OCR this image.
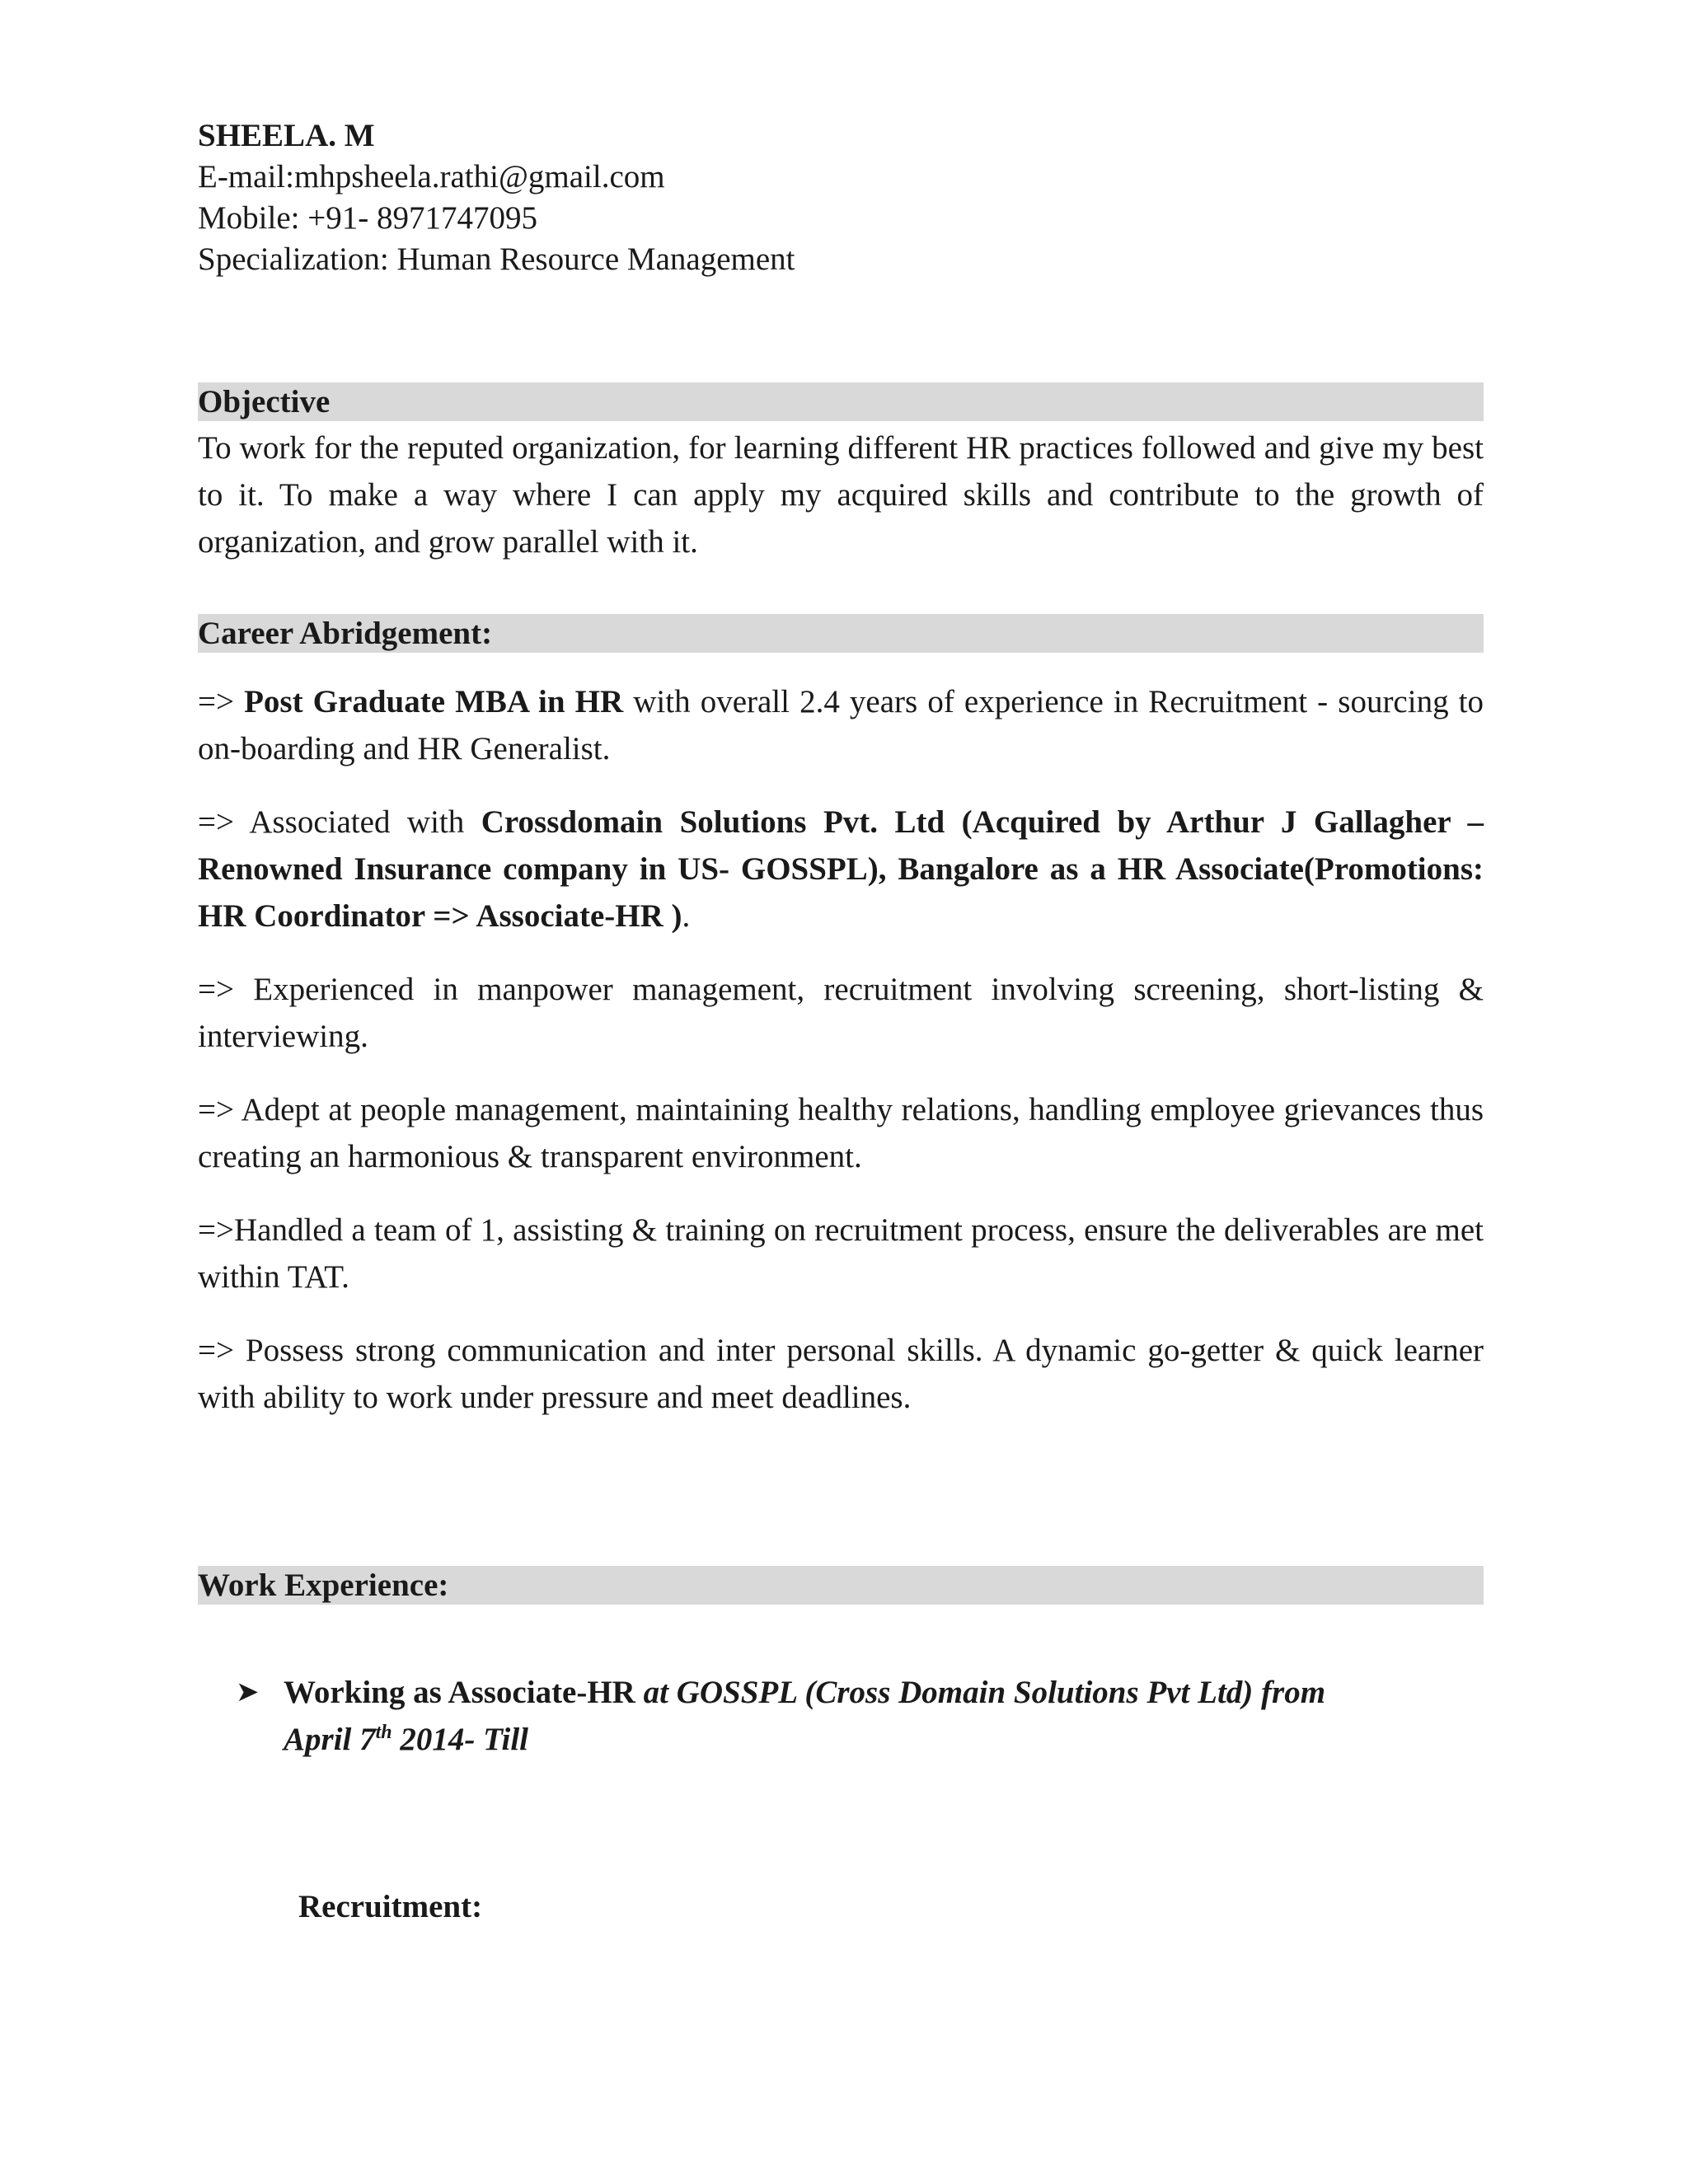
SHEELA. M

E-mail:mhpsheela.rathi@gmail.com

Mobile: +91- 8971747095

Specialization: Human Resource Management

Objective

To work for the reputed organization, for learning different HR practices followed and give my best to it. To make a way where I can apply my acquired skills and contribute to the growth of organization, and grow parallel with it.

Career Abridgement:

=> Post Graduate MBA in HR with overall 2.4 years of experience in Recruitment - sourcing to on-boarding and HR Generalist.

=> Associated with Crossdomain Solutions Pvt. Ltd (Acquired by Arthur J Gallagher – Renowned Insurance company in US- GOSSPL), Bangalore as a HR Associate(Promotions: HR Coordinator => Associate-HR ).

=> Experienced in manpower management, recruitment involving screening, short-listing & interviewing.

=> Adept at people management, maintaining healthy relations, handling employee grievances thus creating an harmonious & transparent environment.

=>Handled a team of 1, assisting & training on recruitment process, ensure the deliverables are met within TAT.

=> Possess strong communication and inter personal skills. A dynamic go-getter & quick learner with ability to work under pressure and meet deadlines.

Work Experience:
➤ Working as Associate-HR at GOSSPL (Cross Domain Solutions Pvt Ltd) from
April 7th 2014- Till
Recruitment:
